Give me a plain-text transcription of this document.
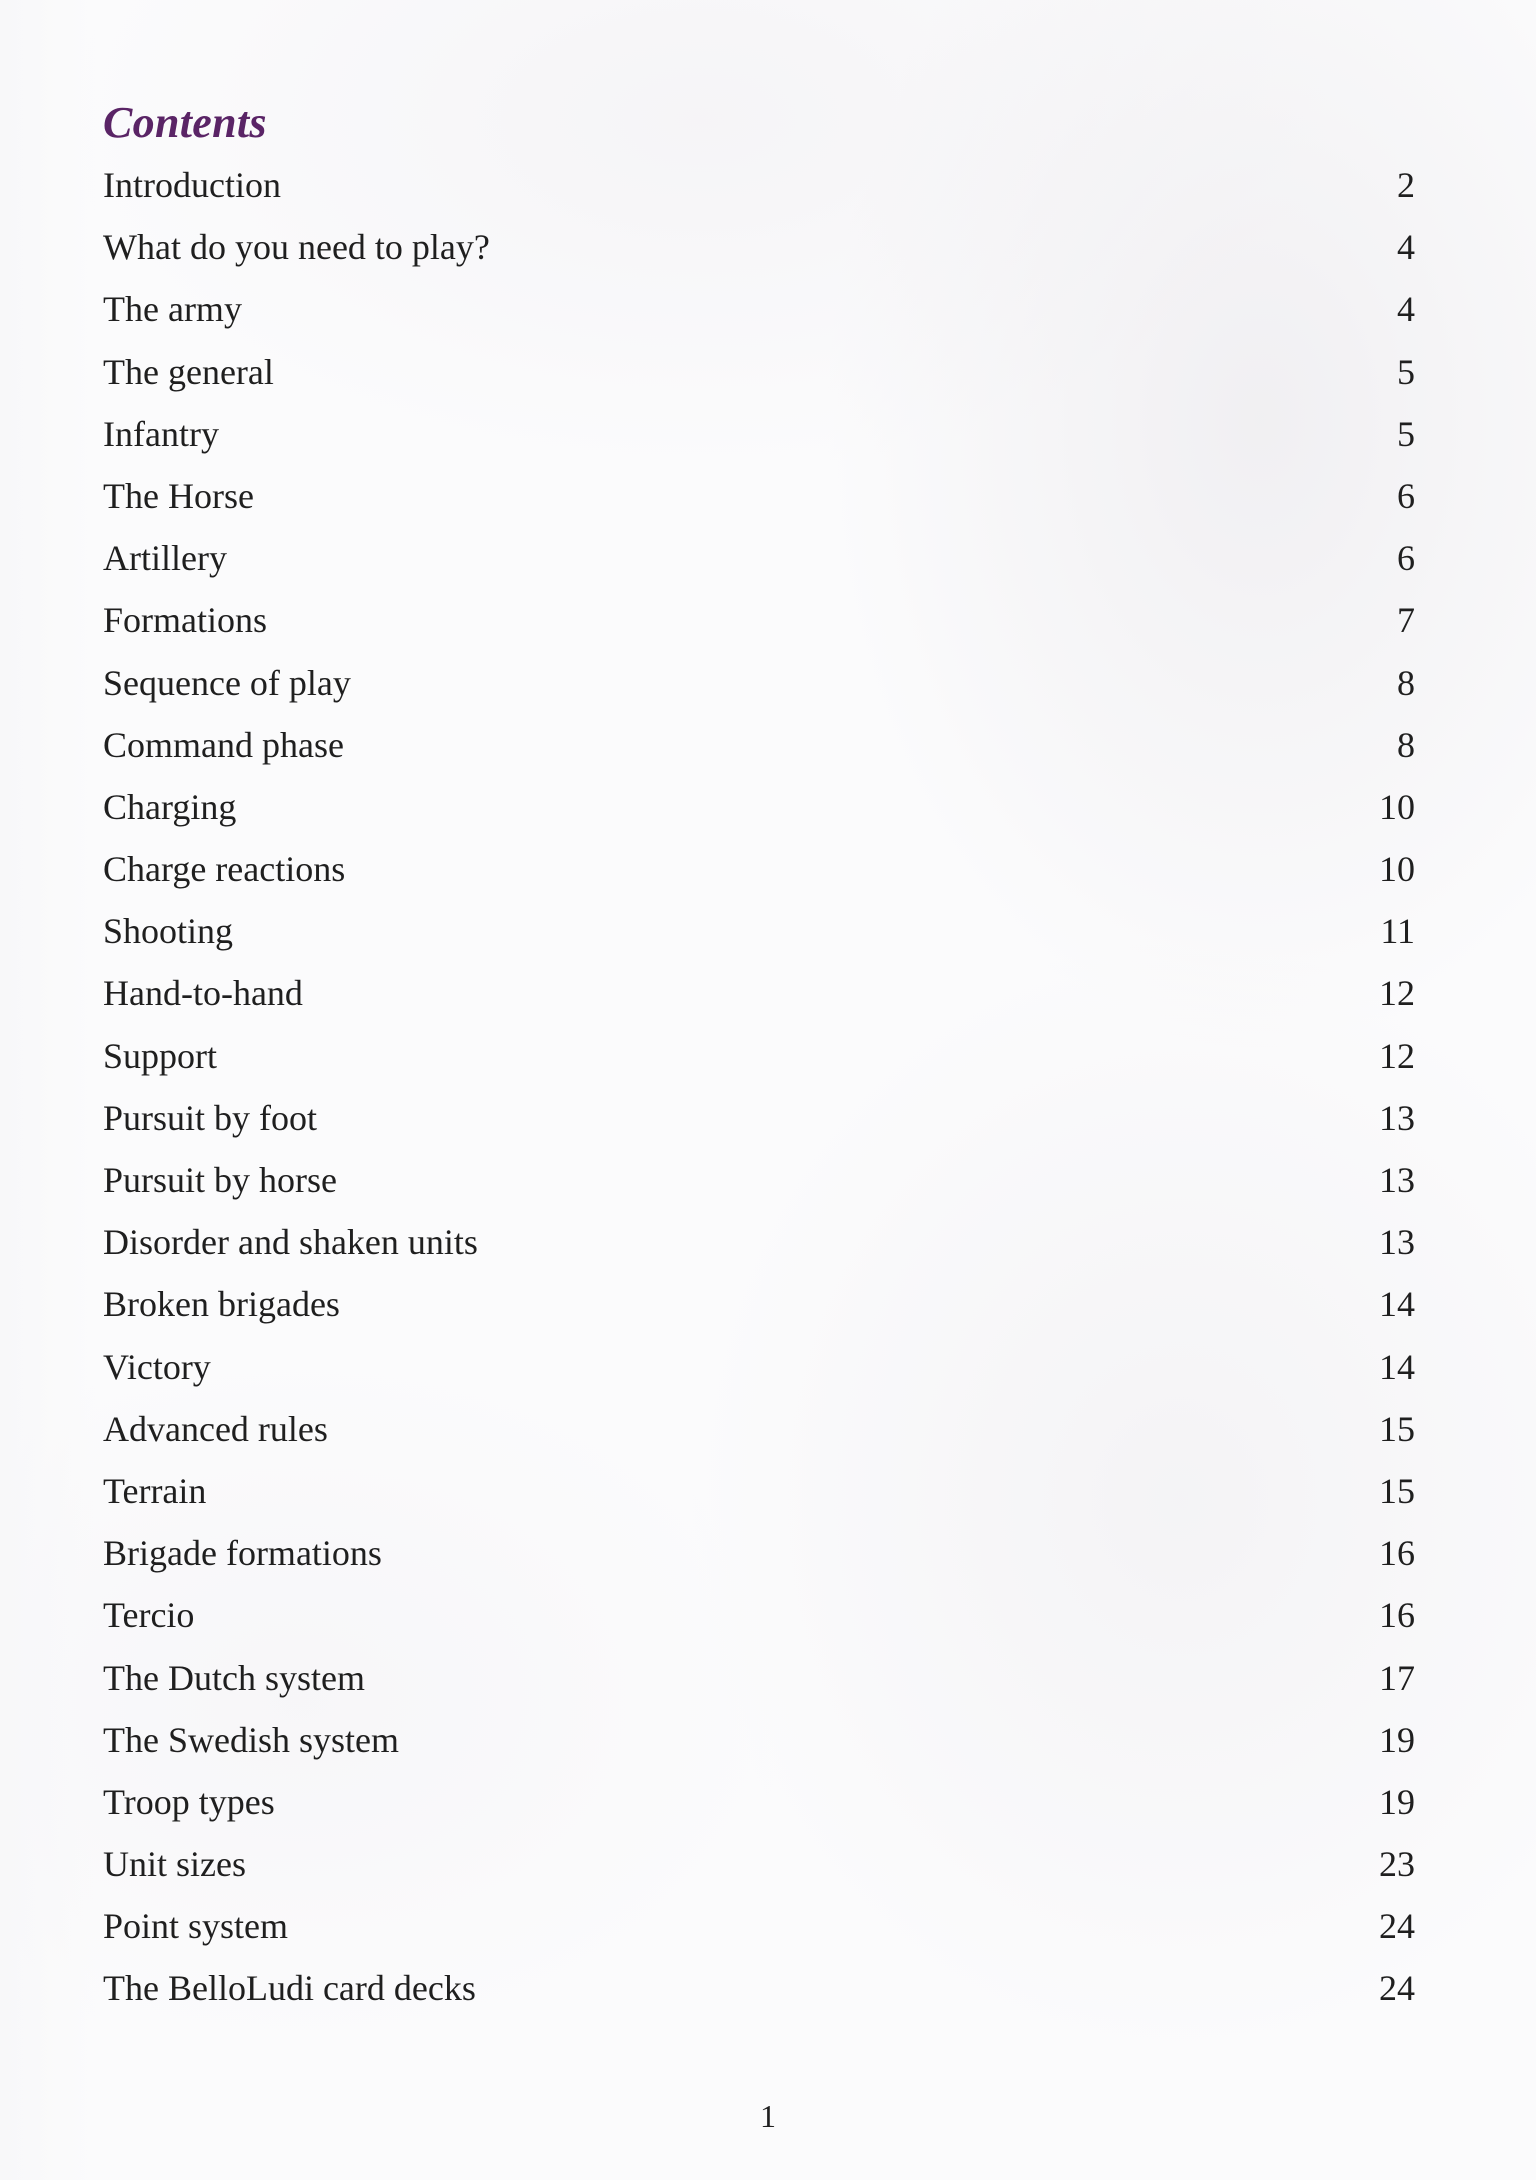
Contents
Introduction	2
What do you need to play?	4
The army	4
The general	5
Infantry	5
The Horse	6
Artillery	6
Formations	7
Sequence of play	8
Command phase	8
Charging	10
Charge reactions	10
Shooting	11
Hand-to-hand	12
Support	12
Pursuit by foot	13
Pursuit by horse	13
Disorder and shaken units	13
Broken brigades	14
Victory	14
Advanced rules	15
Terrain	15
Brigade formations	16
Tercio	16
The Dutch system	17
The Swedish system	19
Troop types	19
Unit sizes	23
Point system	24
The BelloLudi card decks	24
1
